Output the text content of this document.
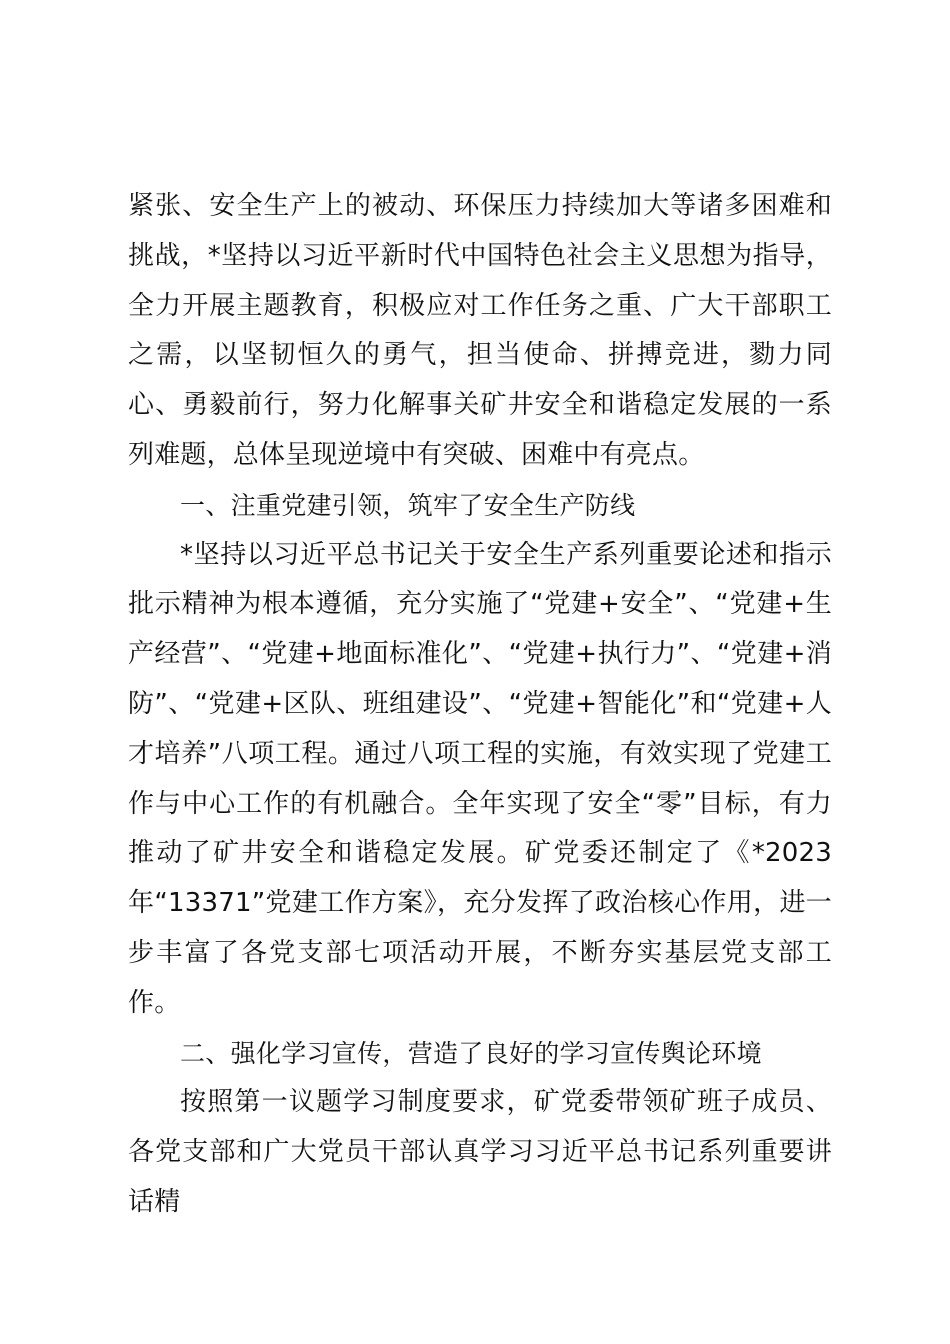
紧张、安全生产上的被动、环保压力持续加大等诸多困难和挑战，*坚持以习近平新时代中国特色社会主义思想为指导，全力开展主题教育，积极应对工作任务之重、广大干部职工之需，以坚韧恒久的勇气，担当使命、拼搏竞进，勠力同心、勇毅前行，努力化解事关矿井安全和谐稳定发展的一系列难题，总体呈现逆境中有突破、困难中有亮点。

一、注重党建引领，筑牢了安全生产防线

*坚持以习近平总书记关于安全生产系列重要论述和指示批示精神为根本遵循，充分实施了“党建+安全”、“党建+生产经营”、“党建+地面标准化”、“党建+执行力”、“党建+消防”、“党建+区队、班组建设”、“党建+智能化”和“党建+人才培养”八项工程。通过八项工程的实施，有效实现了党建工作与中心工作的有机融合。全年实现了安全“零”目标，有力推动了矿井安全和谐稳定发展。矿党委还制定了《*2023年“13371”党建工作方案》，充分发挥了政治核心作用，进一步丰富了各党支部七项活动开展，不断夯实基层党支部工作。

二、强化学习宣传，营造了良好的学习宣传舆论环境

按照第一议题学习制度要求，矿党委带领矿班子成员、各党支部和广大党员干部认真学习习近平总书记系列重要讲话精
